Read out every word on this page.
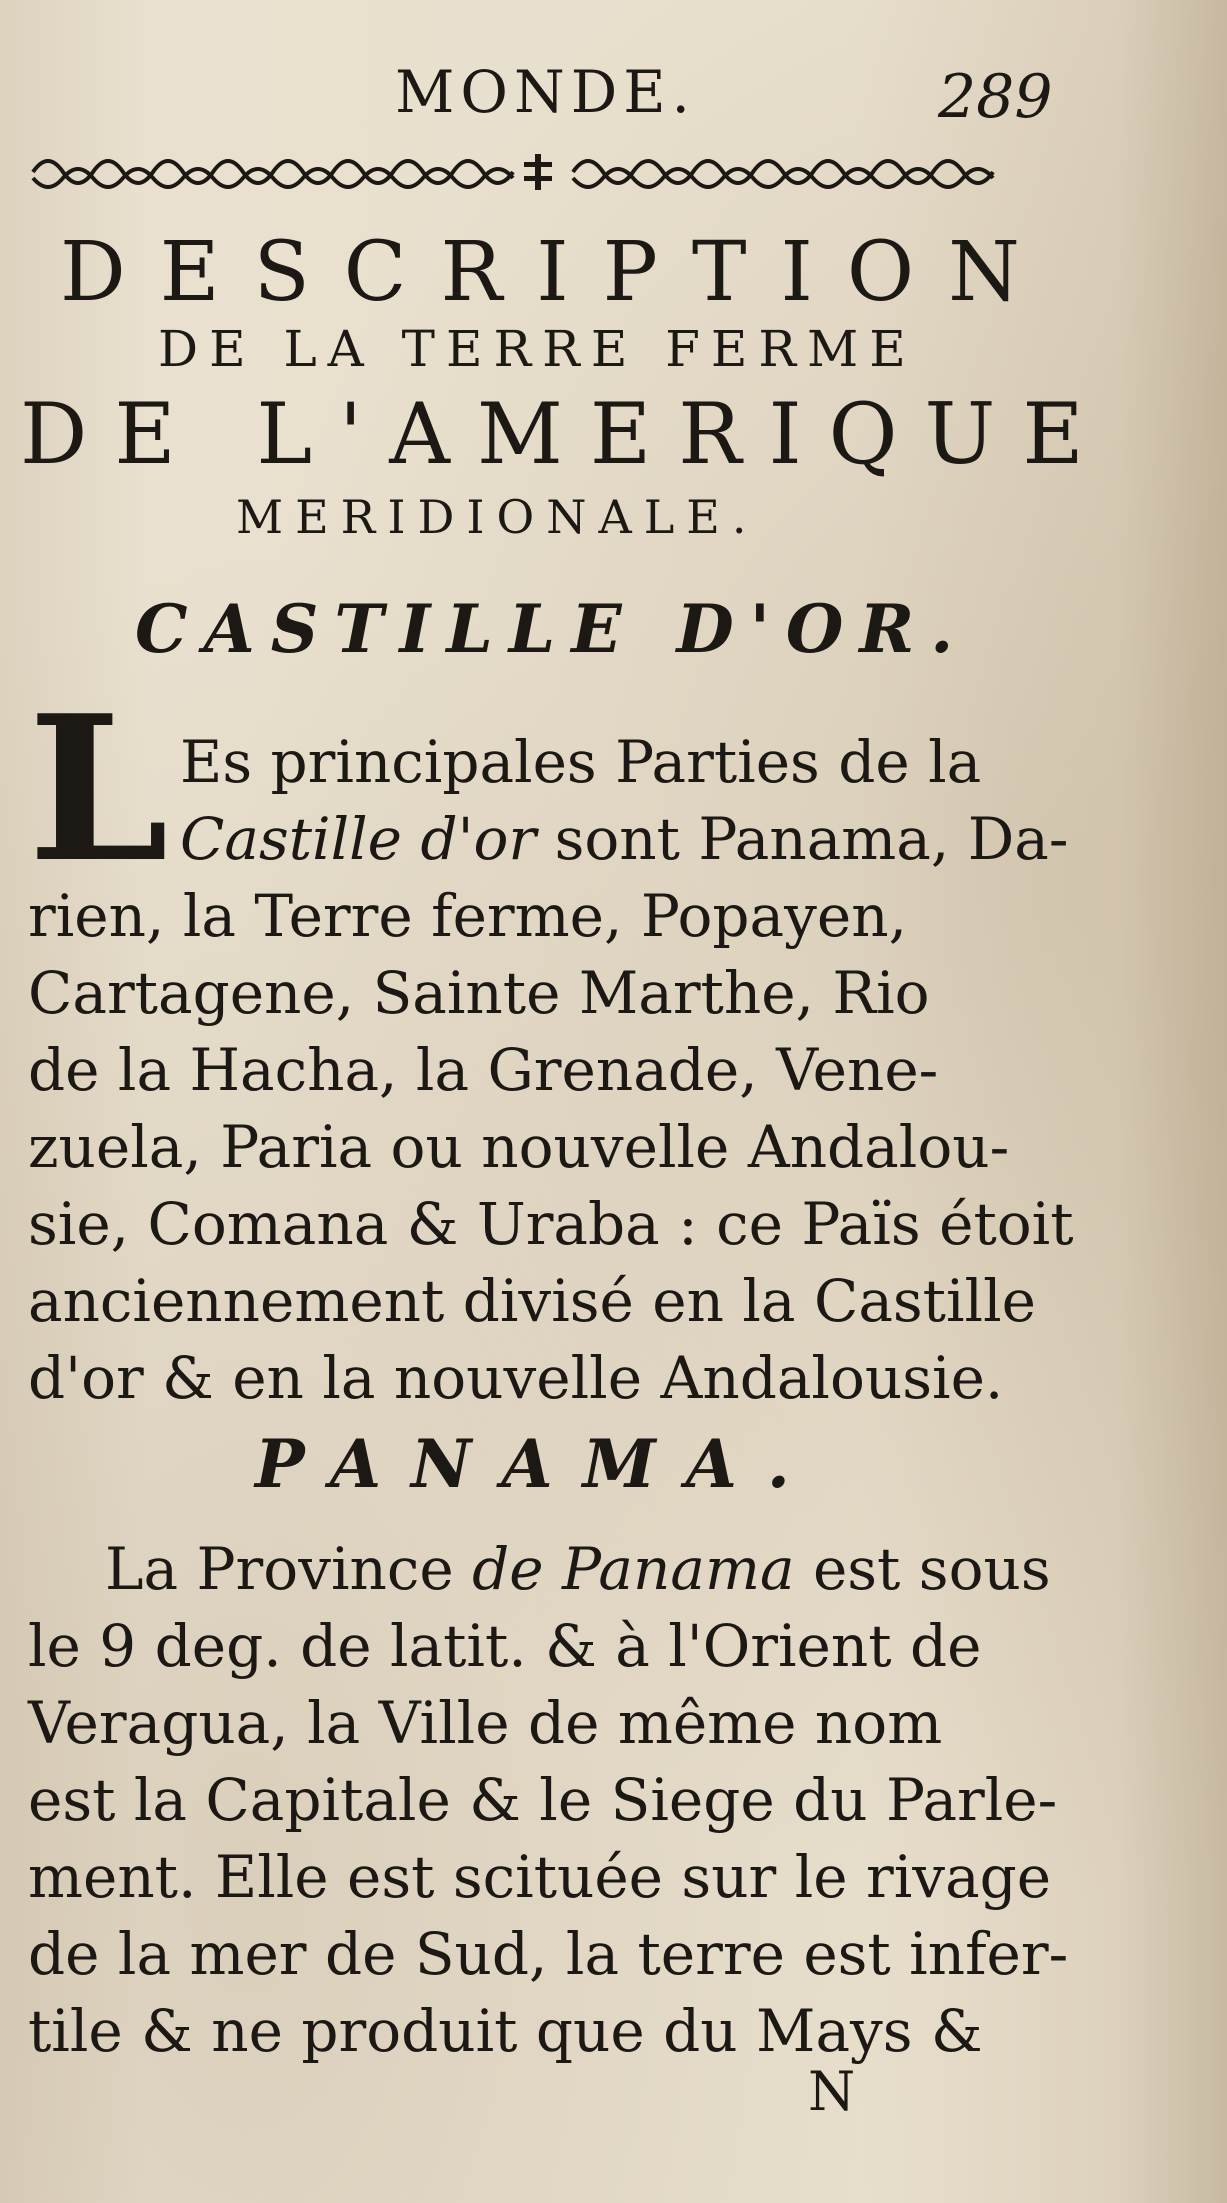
MONDE.	289
DESCRIPTION
DE LA TERRE FERME
DE L'AMERIQUE
MERIDIONALE.
CASTILLE D'OR.
L Es principales Parties de la
Castille d'or sont Panama, Da-
rien, la Terre ferme, Popayen,
Cartagene, Sainte Marthe, Rio
de la Hacha, la Grenade, Vene-
zuela, Paria ou nouvelle Andalou-
sie, Comana & Uraba : ce Païs étoit
anciennement divisé en la Castille
d'or & en la nouvelle Andalousie.
PANAMA.
La Province de Panama est sous
le 9 deg. de latit. & à l'Orient de
Veragua, la Ville de même nom
est la Capitale & le Siege du Parle-
ment. Elle est scituée sur le rivage
de la mer de Sud, la terre est infer-
tile & ne produit que du Mays &
N
